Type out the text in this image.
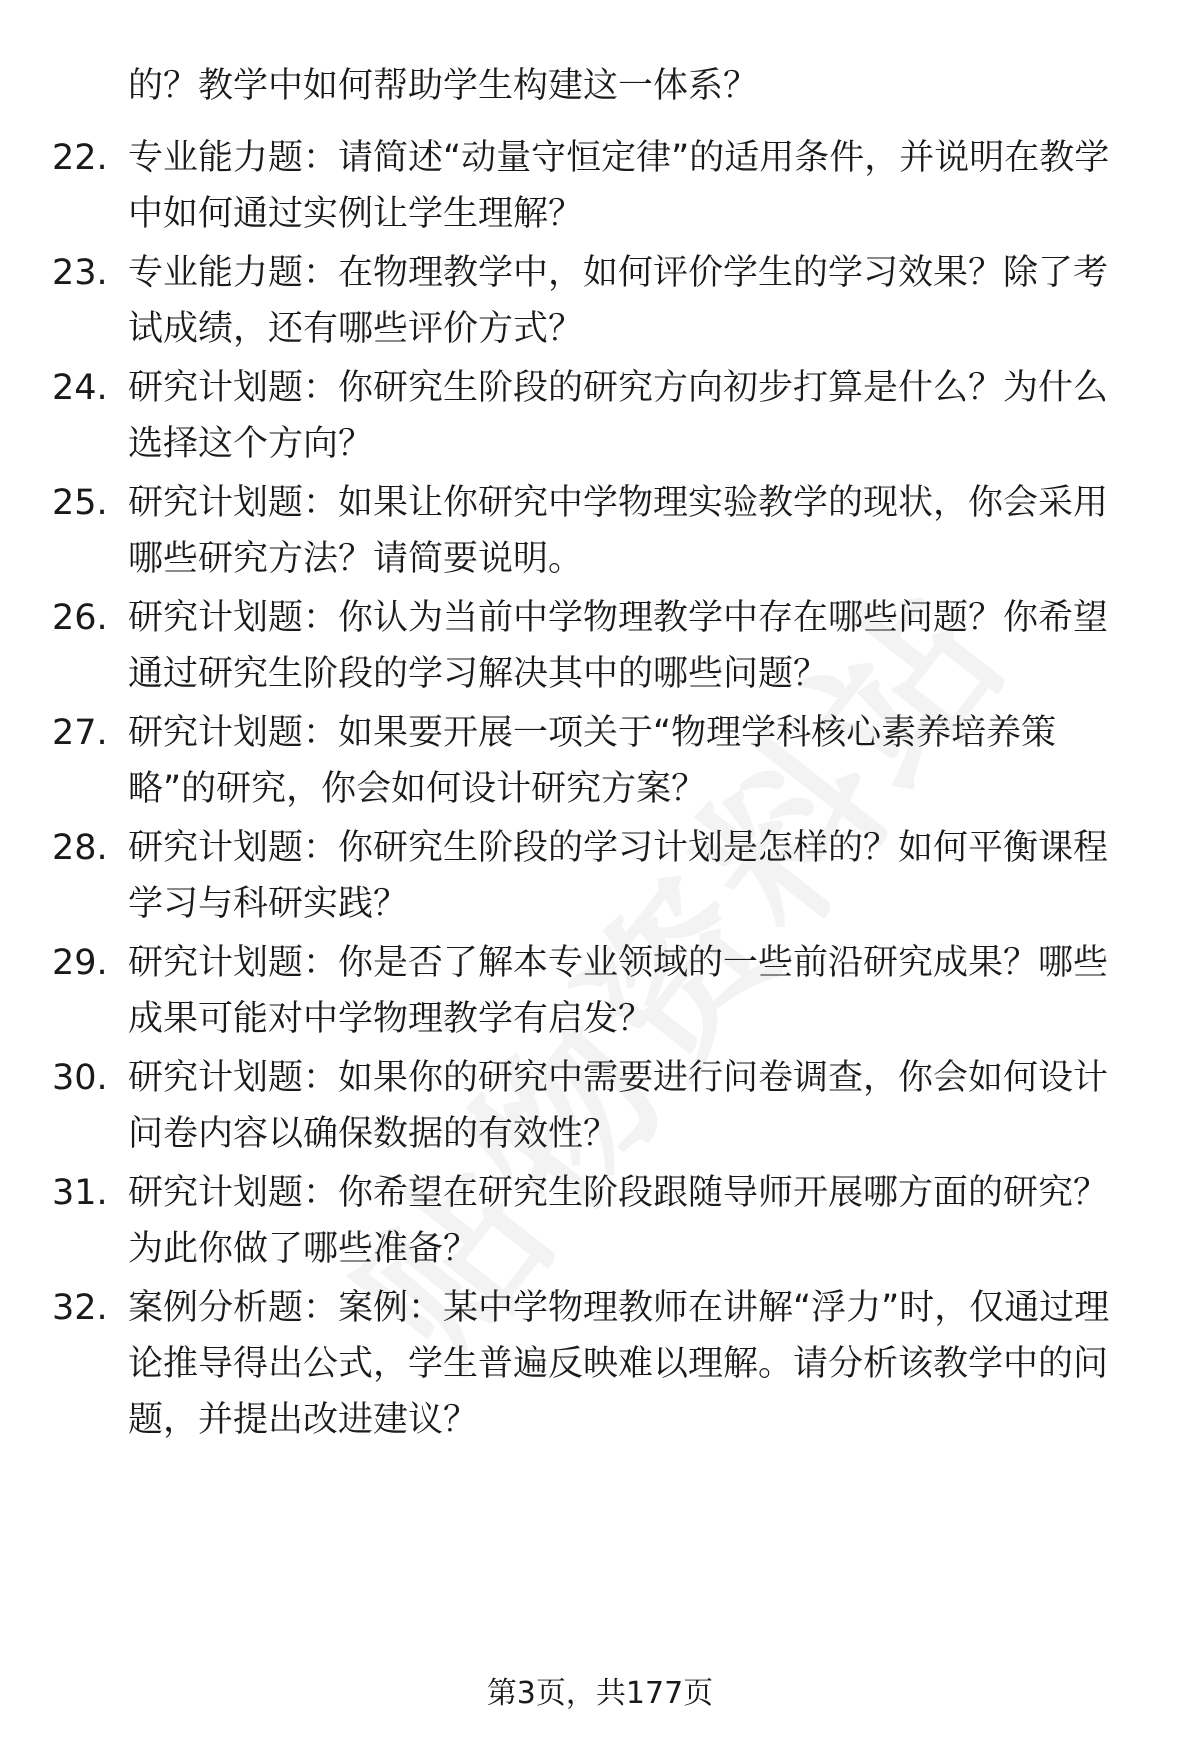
的？教学中如何帮助学生构建这一体系？
22. 专业能力题：请简述“动量守恒定律”的适用条件，并说明在教学中如何通过实例让学生理解？
23. 专业能力题：在物理教学中，如何评价学生的学习效果？除了考试成绩，还有哪些评价方式？
24. 研究计划题：你研究生阶段的研究方向初步打算是什么？为什么选择这个方向？
25. 研究计划题：如果让你研究中学物理实验教学的现状，你会采用哪些研究方法？请简要说明。
26. 研究计划题：你认为当前中学物理教学中存在哪些问题？你希望通过研究生阶段的学习解决其中的哪些问题？
27. 研究计划题：如果要开展一项关于“物理学科核心素养培养策略”的研究，你会如何设计研究方案？
28. 研究计划题：你研究生阶段的学习计划是怎样的？如何平衡课程学习与科研实践？
29. 研究计划题：你是否了解本专业领域的一些前沿研究成果？哪些成果可能对中学物理教学有启发？
30. 研究计划题：如果你的研究中需要进行问卷调查，你会如何设计问卷内容以确保数据的有效性？
31. 研究计划题：你希望在研究生阶段跟随导师开展哪方面的研究？为此你做了哪些准备？
32. 案例分析题：案例：某中学物理教师在讲解“浮力”时，仅通过理论推导得出公式，学生普遍反映难以理解。请分析该教学中的问题，并提出改进建议？
第3页，共177页
